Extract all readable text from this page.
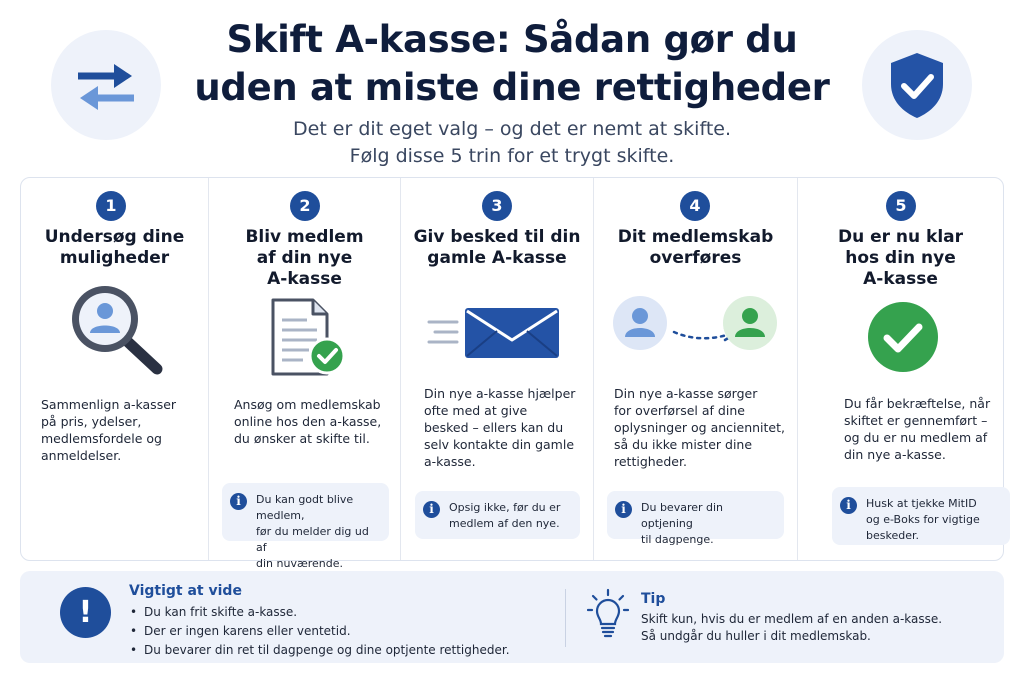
Skift A-kasse: Sådan gør du
uden at miste dine rettigheder
Det er dit eget valg – og det er nemt at skifte.
Følg disse 5 trin for et trygt skifte.
1
Undersøg dine
muligheder
Sammenlign a-kasser
på pris, ydelser,
medlemsfordele og
anmeldelser.
2
Bliv medlem
af din nye
A-kasse
Ansøg om medlemskab
online hos den a-kasse,
du ønsker at skifte til.
i	Du kan godt blive medlem,
før du melder dig ud af
din nuværende.
3
Giv besked til din
gamle A-kasse
Din nye a-kasse hjælper
ofte med at give
besked – ellers kan du
selv kontakte din gamle
a-kasse.
i	Opsig ikke, før du er
medlem af den nye.
4
Dit medlemskab
overføres
Din nye a-kasse sørger
for overførsel af dine
oplysninger og anciennitet,
så du ikke mister dine
rettigheder.
i	Du bevarer din optjening
til dagpenge.
5
Du er nu klar
hos din nye
A-kasse
Du får bekræftelse, når
skiftet er gennemført –
og du er nu medlem af
din nye a-kasse.
i	Husk at tjekke MitID
og e-Boks for vigtige
beskeder.
!
Vigtigt at vide
• Du kan frit skifte a-kasse.
• Der er ingen karens eller ventetid.
• Du bevarer din ret til dagpenge og dine optjente rettigheder.
Tip
Skift kun, hvis du er medlem af en anden a-kasse.
Så undgår du huller i dit medlemskab.
